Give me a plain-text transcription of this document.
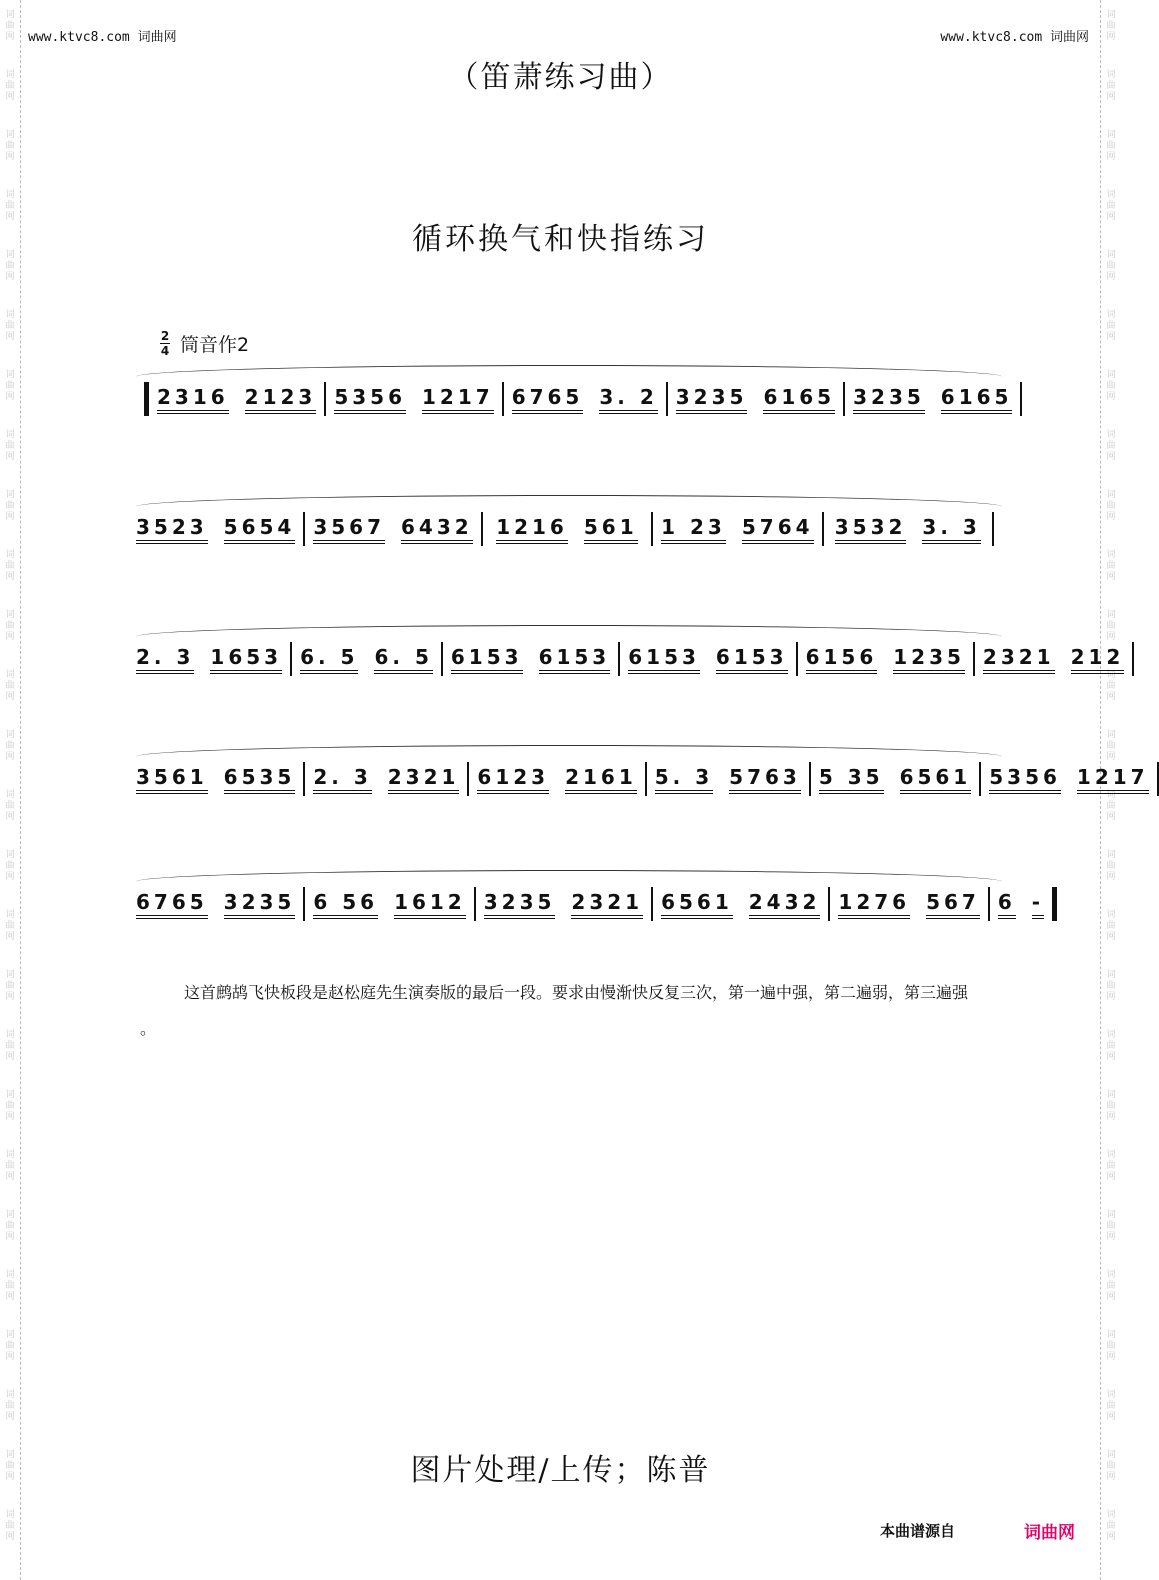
词
曲
网
词
曲
网
词
曲
网
词
曲
网
词
曲
网
词
曲
网
词
曲
网
词
曲
网
词
曲
网
词
曲
网
词
曲
网
词
曲
网
词
曲
网
词
曲
网
词
曲
网
词
曲
网
词
曲
网
词
曲
网
词
曲
网
词
曲
网
词
曲
网
词
曲
网
词
曲
网
词
曲
网
词
曲
网
词
曲
网
词
曲
网
词
曲
网
词
曲
网
词
曲
网
词
曲
网
词
曲
网
词
曲
网
词
曲
网
词
曲
网
词
曲
网
词
曲
网
词
曲
网
词
曲
网
词
曲
网
词
曲
网
词
曲
网
词
曲
网
词
曲
网
词
曲
网
词
曲
网
词
曲
网
词
曲
网
词
曲
网
词
曲
网
词
曲
网
词
曲
网
www.ktvc8.com 词曲网	www.ktvc8.com 词曲网
（笛萧练习曲）
循环换气和快指练习
$\frac{2}{4}$ 筒音作2
2316 2123 5356 1217 6765 3. 2 3235 6165 3235 6165
3523 5654 3567 6432 1216 561 1 23 5764 3532 3. 3
2. 3 1653 6. 5 6. 5 6153 6153 6153 6153 6156 1235 2321 212
3561 6535 2. 3 2321 6123 2161 5. 3 5763 5 35 6561 5356 1217
6765 3235 6 56 1612 3235 2321 6561 2432 1276 567 6 -
这首鹧鸪飞快板段是赵松庭先生演奏版的最后一段。要求由慢渐快反复三次，第一遍中强，第二遍弱，第三遍强 。
图片处理/上传；陈普
本曲谱源自	词曲网
